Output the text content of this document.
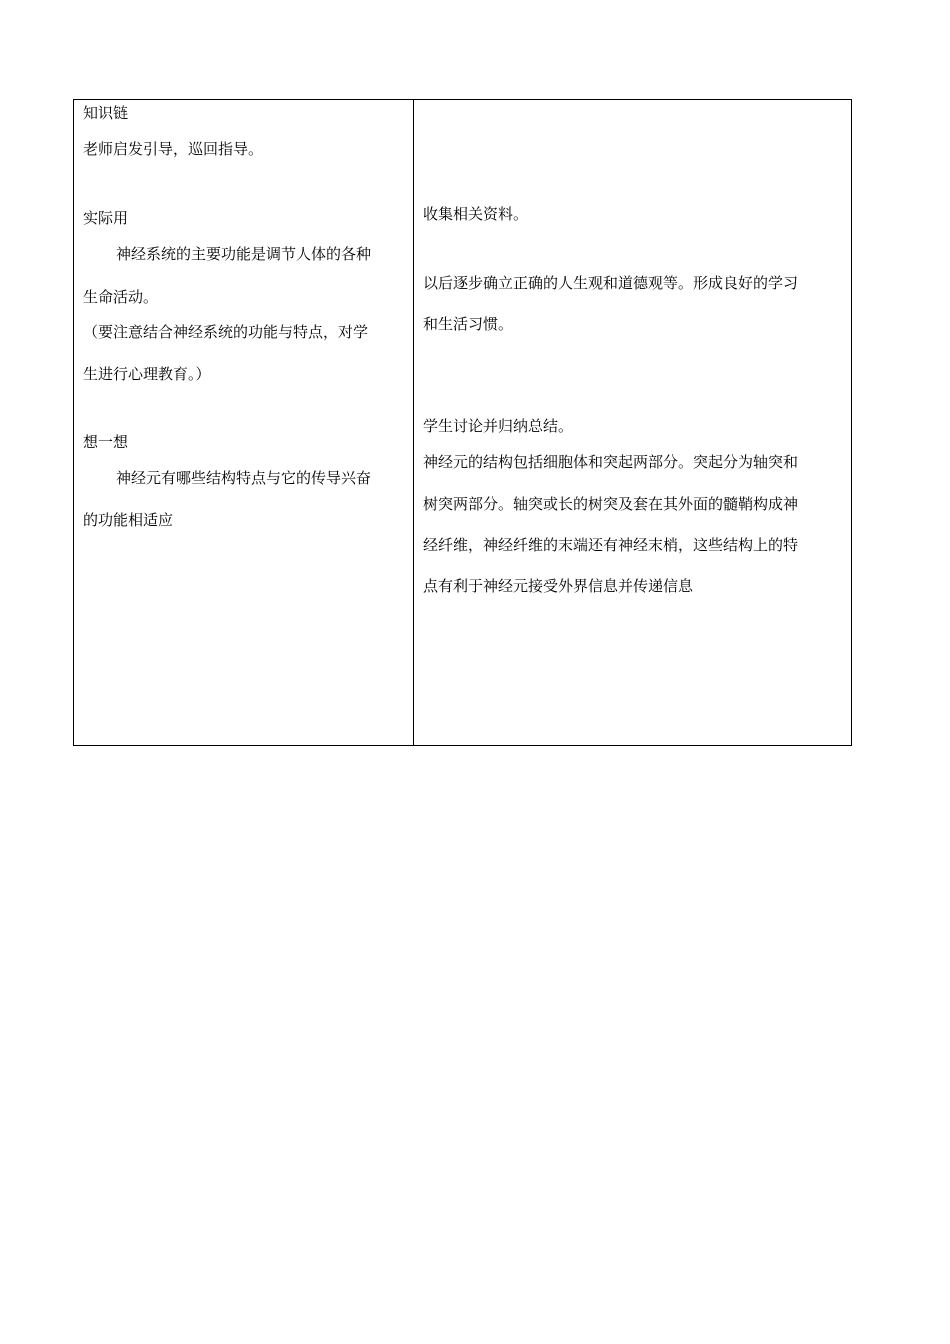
知识链

老师启发引导，巡回指导。

实际用

神经系统的主要功能是调节人体的各种

生命活动。

（要注意结合神经系统的功能与特点，对学

生进行心理教育。）

想一想

神经元有哪些结构特点与它的传导兴奋

的功能相适应

收集相关资料。

以后逐步确立正确的人生观和道德观等。形成良好的学习

和生活习惯。

学生讨论并归纳总结。

神经元的结构包括细胞体和突起两部分。突起分为轴突和

树突两部分。轴突或长的树突及套在其外面的髓鞘构成神

经纤维，神经纤维的末端还有神经末梢，这些结构上的特

点有利于神经元接受外界信息并传递信息
